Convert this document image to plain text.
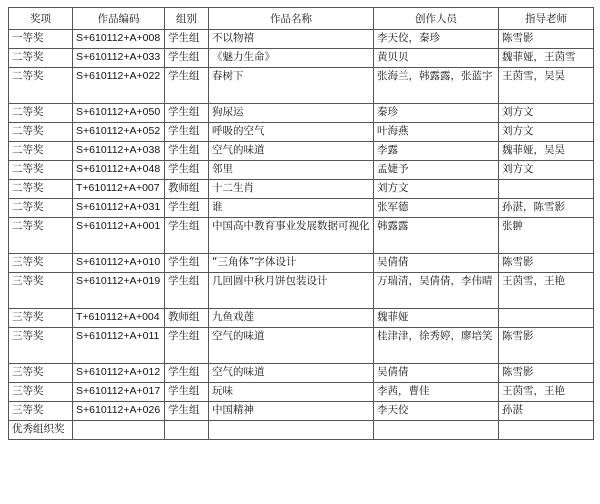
奖项	作品编码	组别	作品名称	创作人员	指导老师
一等奖	S+610112+A+008	学生组	不以物禧	李天佼，秦珍	陈雪影
二等奖	S+610112+A+033	学生组	《魅力生命》	黄贝贝	魏菲娅，王茵雪
二等奖	S+610112+A+022	学生组	春树下	张海兰，韩露露，张蓝宇	王茵雪，吴昊
二等奖	S+610112+A+050	学生组	狗尿运	秦珍	刘方文
二等奖	S+610112+A+052	学生组	呼吸的空气	叶海燕	刘方文
二等奖	S+610112+A+038	学生组	空气的味道	李露	魏菲娅，吴昊
二等奖	S+610112+A+048	学生组	邻里	孟婕予	刘方文
二等奖	T+610112+A+007	教师组	十二生肖	刘方文	
二等奖	S+610112+A+031	学生组	谁	张军德	孙湛，陈雪影
二等奖	S+610112+A+001	学生组	中国高中教育事业发展数据可视化	韩露露	张翀
三等奖	S+610112+A+010	学生组	“三角体”字体设计	吴倩倩	陈雪影
三等奖	S+610112+A+019	学生组	几回圆中秋月饼包装设计	万瑞清，吴倩倩，李伟晴	王茵雪，王艳
三等奖	T+610112+A+004	教师组	九鱼戏莲	魏菲娅	
三等奖	S+610112+A+011	学生组	空气的味道	桂津津，徐秀婷，廖培笑	陈雪影
三等奖	S+610112+A+012	学生组	空气的味道	吴倩倩	陈雪影
三等奖	S+610112+A+017	学生组	玩味	李茜，曹佳	王茵雪，王艳
三等奖	S+610112+A+026	学生组	中国精神	李天佼	孙湛
优秀组织奖					
